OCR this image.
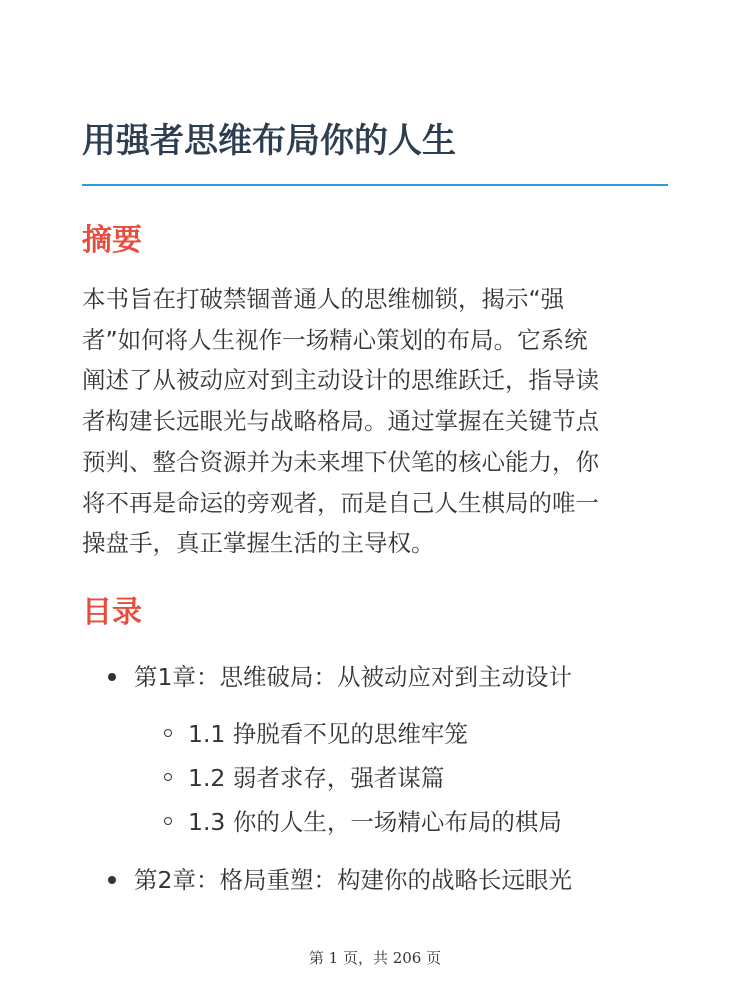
用强者思维布局你的人生
摘要

本书旨在打破禁锢普通人的思维枷锁，揭示“强
者”如何将人生视作一场精心策划的布局。它系统
阐述了从被动应对到主动设计的思维跃迁，指导读
者构建长远眼光与战略格局。通过掌握在关键节点
预判、整合资源并为未来埋下伏笔的核心能力，你
将不再是命运的旁观者，而是自己人生棋局的唯一
操盘手，真正掌握生活的主导权。

目录
第1章：思维破局：从被动应对到主动设计
1.1 挣脱看不见的思维牢笼
1.2 弱者求存，强者谋篇
1.3 你的人生，一场精心布局的棋局
第2章：格局重塑：构建你的战略长远眼光
第 1 页，共 206 页
